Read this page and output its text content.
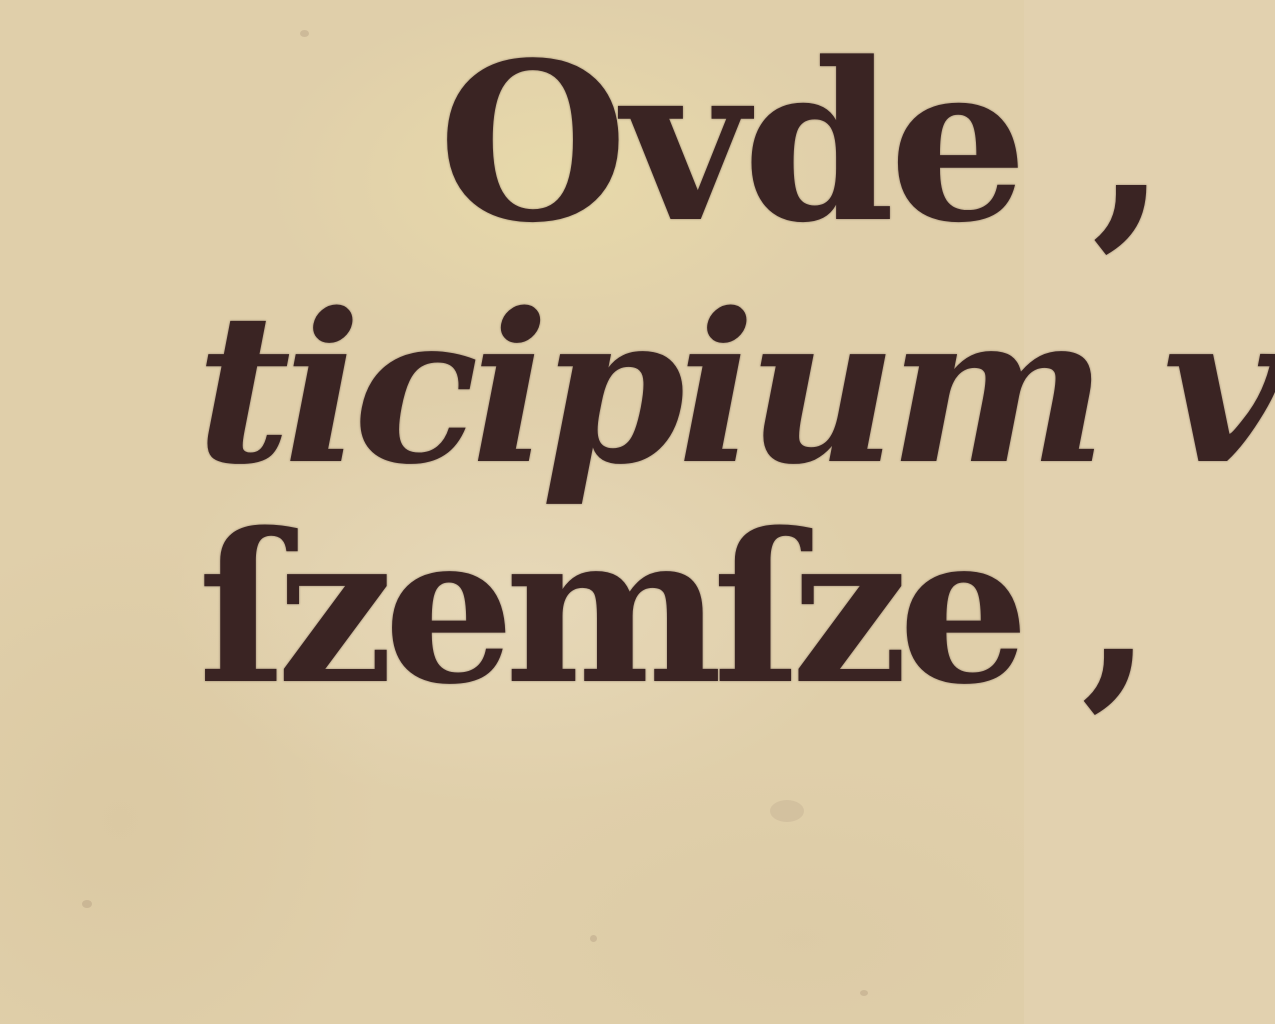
Ovde ,

ticipium v

ſzemſze ,
